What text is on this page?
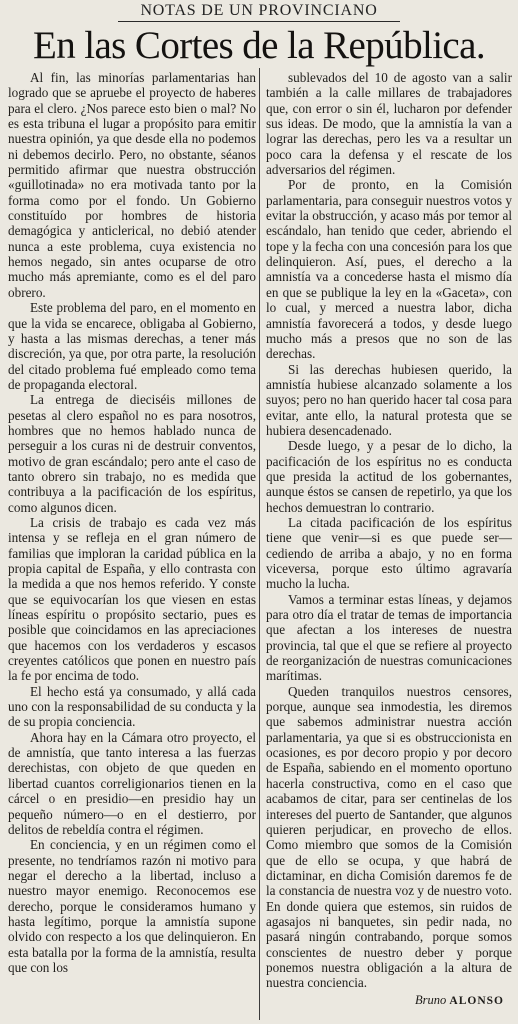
NOTAS DE UN PROVINCIANO
En las Cortes de la República.

Al fin, las minorías parlamentarias han logrado que se apruebe el proyecto de haberes para el clero. ¿Nos parece esto bien o mal? No es esta tribuna el lugar a propósito para emitir nuestra opinión, ya que desde ella no podemos ni debemos decirlo. Pero, no obstante, séanos permitido afirmar que nuestra obstrucción «guillotinada» no era motivada tanto por la forma como por el fondo. Un Gobierno constituído por hombres de historia demagógica y anticlerical, no debió atender nunca a este problema, cuya existencia no hemos negado, sin antes ocuparse de otro mucho más apremiante, como es el del paro obrero.

Este problema del paro, en el momento en que la vida se encarece, obligaba al Gobierno, y hasta a las mismas derechas, a tener más discreción, ya que, por otra parte, la resolución del citado problema fué empleado como tema de propaganda electoral.

La entrega de dieciséis millones de pesetas al clero español no es para nosotros, hombres que no hemos hablado nunca de perseguir a los curas ni de destruir conventos, motivo de gran escándalo; pero ante el caso de tanto obrero sin trabajo, no es medida que contribuya a la pacificación de los espíritus, como algunos dicen.

La crisis de trabajo es cada vez más intensa y se refleja en el gran número de familias que imploran la caridad pública en la propia capital de España, y ello contrasta con la medida a que nos hemos referido. Y conste que se equivocarían los que viesen en estas líneas espíritu o propósito sectario, pues es posible que coincidamos en las apreciaciones que hacemos con los verdaderos y escasos creyentes católicos que ponen en nuestro país la fe por encima de todo.

El hecho está ya consumado, y allá cada uno con la responsabilidad de su conducta y la de su propia conciencia.

Ahora hay en la Cámara otro proyecto, el de amnistía, que tanto interesa a las fuerzas derechistas, con objeto de que queden en libertad cuantos correligionarios tienen en la cárcel o en presidio—en presidio hay un pequeño número—o en el destierro, por delitos de rebeldía contra el régimen.

En conciencia, y en un régimen como el presente, no tendríamos razón ni motivo para negar el derecho a la libertad, incluso a nuestro mayor enemigo. Reconocemos ese derecho, porque le consideramos humano y hasta legítimo, porque la amnistía supone olvido con respecto a los que delinquieron. En esta batalla por la forma de la amnistía, resulta que con los

sublevados del 10 de agosto van a salir también a la calle millares de trabajadores que, con error o sin él, lucharon por defender sus ideas. De modo, que la amnistía la van a lograr las derechas, pero les va a resultar un poco cara la defensa y el rescate de los adversarios del régimen.

Por de pronto, en la Comisión parlamentaria, para conseguir nuestros votos y evitar la obstrucción, y acaso más por temor al escándalo, han tenido que ceder, abriendo el tope y la fecha con una concesión para los que delinquieron. Así, pues, el derecho a la amnistía va a concederse hasta el mismo día en que se publique la ley en la «Gaceta», con lo cual, y merced a nuestra labor, dicha amnistía favorecerá a todos, y desde luego mucho más a presos que no son de las derechas.

Si las derechas hubiesen querido, la amnistía hubiese alcanzado solamente a los suyos; pero no han querido hacer tal cosa para evitar, ante ello, la natural protesta que se hubiera desencadenado.

Desde luego, y a pesar de lo dicho, la pacificación de los espíritus no es conducta que presida la actitud de los gobernantes, aunque éstos se cansen de repetirlo, ya que los hechos demuestran lo contrario.

La citada pacificación de los espíritus tiene que venir—si es que puede ser—cediendo de arriba a abajo, y no en forma viceversa, porque esto último agravaría mucho la lucha.

Vamos a terminar estas líneas, y dejamos para otro día el tratar de temas de importancia que afectan a los intereses de nuestra provincia, tal que el que se refiere al proyecto de reorganización de nuestras comunicaciones marítimas.

Queden tranquilos nuestros censores, porque, aunque sea inmodestia, les diremos que sabemos administrar nuestra acción parlamentaria, ya que si es obstruccionista en ocasiones, es por decoro propio y por decoro de España, sabiendo en el momento oportuno hacerla constructiva, como en el caso que acabamos de citar, para ser centinelas de los intereses del puerto de Santander, que algunos quieren perjudicar, en provecho de ellos. Como miembro que somos de la Comisión que de ello se ocupa, y que habrá de dictaminar, en dicha Comisión daremos fe de la constancia de nuestra voz y de nuestro voto. En donde quiera que estemos, sin ruidos de agasajos ni banquetes, sin pedir nada, no pasará ningún contrabando, porque somos conscientes de nuestro deber y porque ponemos nuestra obligación a la altura de nuestra conciencia.

Bruno ALONSO
